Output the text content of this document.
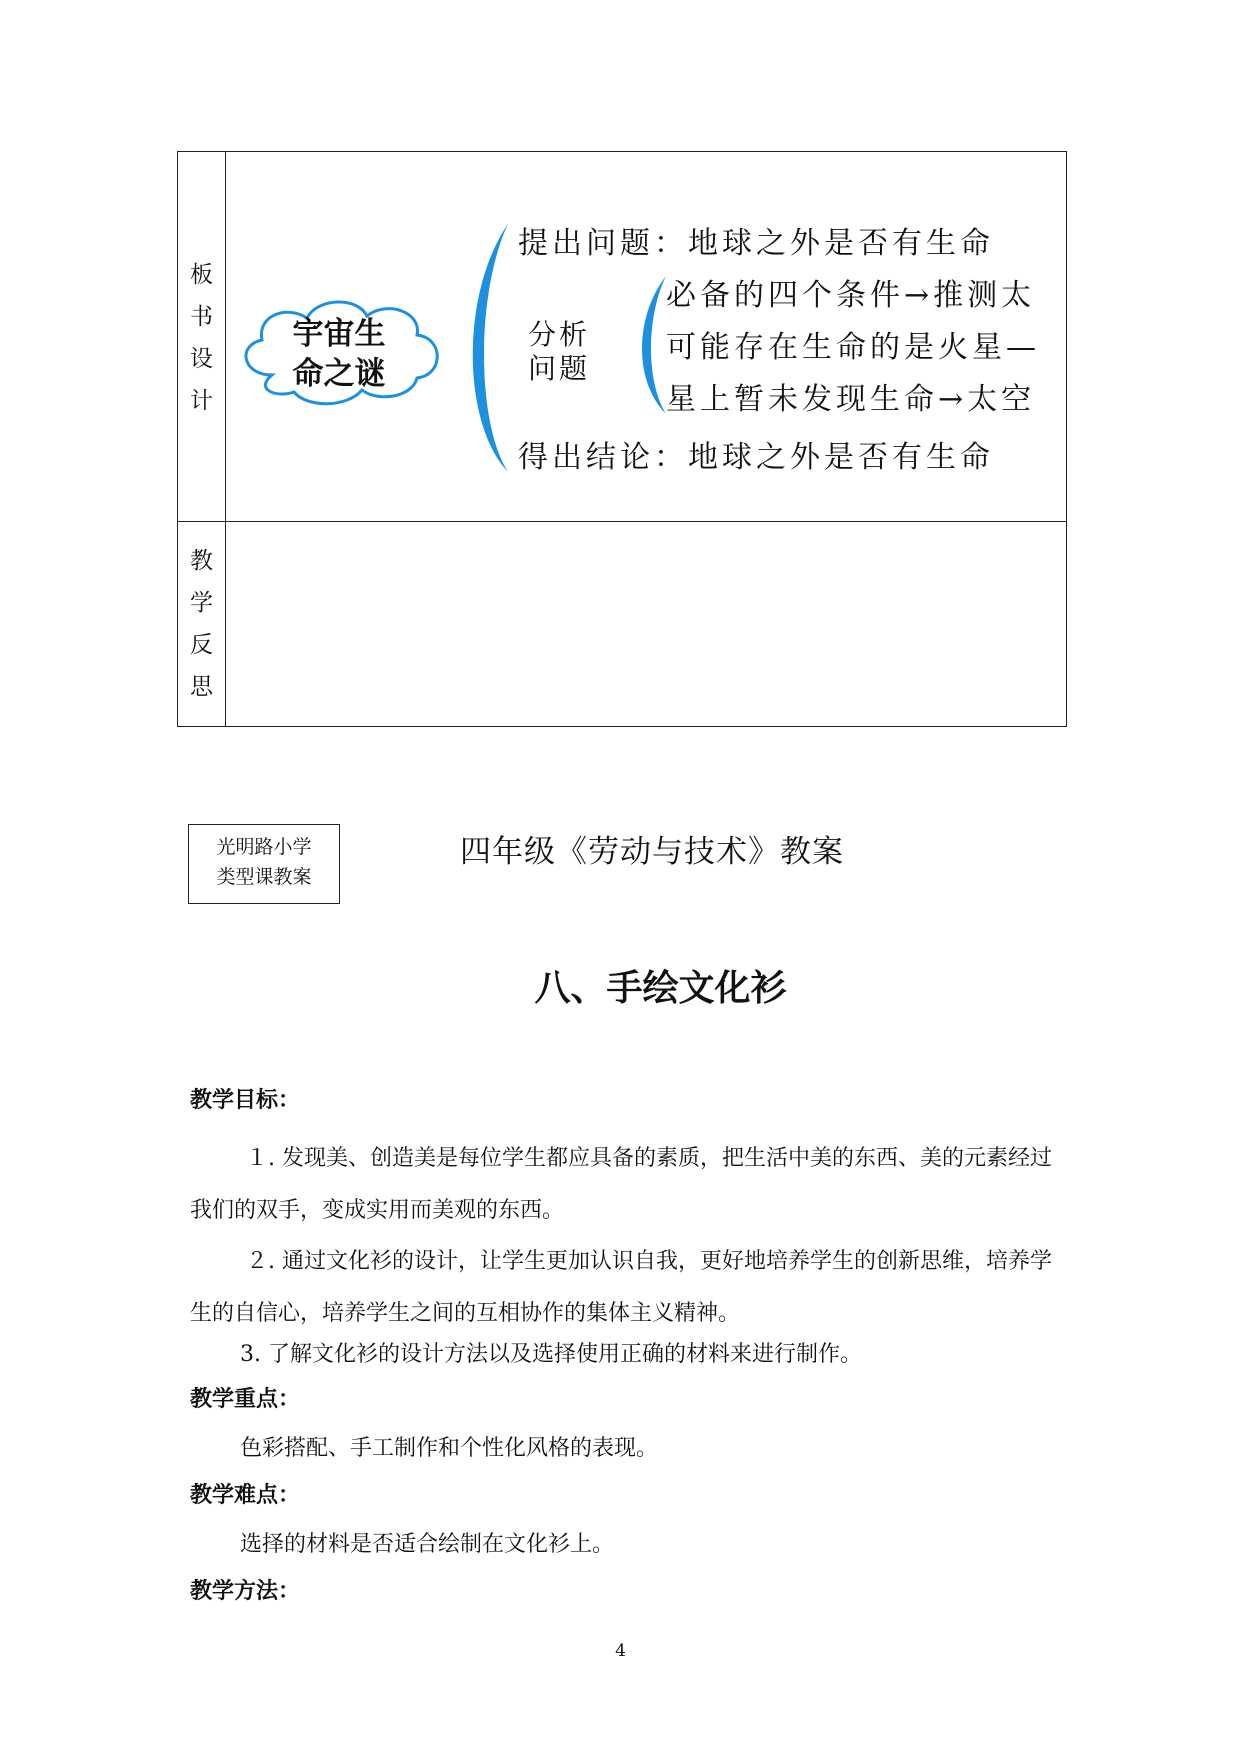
板
书
设
计
宇宙生
命之谜
提出问题：地球之外是否有生命
分析
问题
必备的四个条件→推测太
可能存在生命的是火星—
星上暂未发现生命→太空
得出结论：地球之外是否有生命
教
学
反
思
光明路小学
类型课教案
四年级《劳动与技术》教案
八、手绘文化衫
教学目标：
１. 发现美、创造美是每位学生都应具备的素质，把生活中美的东西、美的元素经过我们的双手，变成实用而美观的东西。
２. 通过文化衫的设计，让学生更加认识自我，更好地培养学生的创新思维，培养学生的自信心，培养学生之间的互相协作的集体主义精神。
3. 了解文化衫的设计方法以及选择使用正确的材料来进行制作。
教学重点：
色彩搭配、手工制作和个性化风格的表现。
教学难点：
选择的材料是否适合绘制在文化衫上。
教学方法：
4
